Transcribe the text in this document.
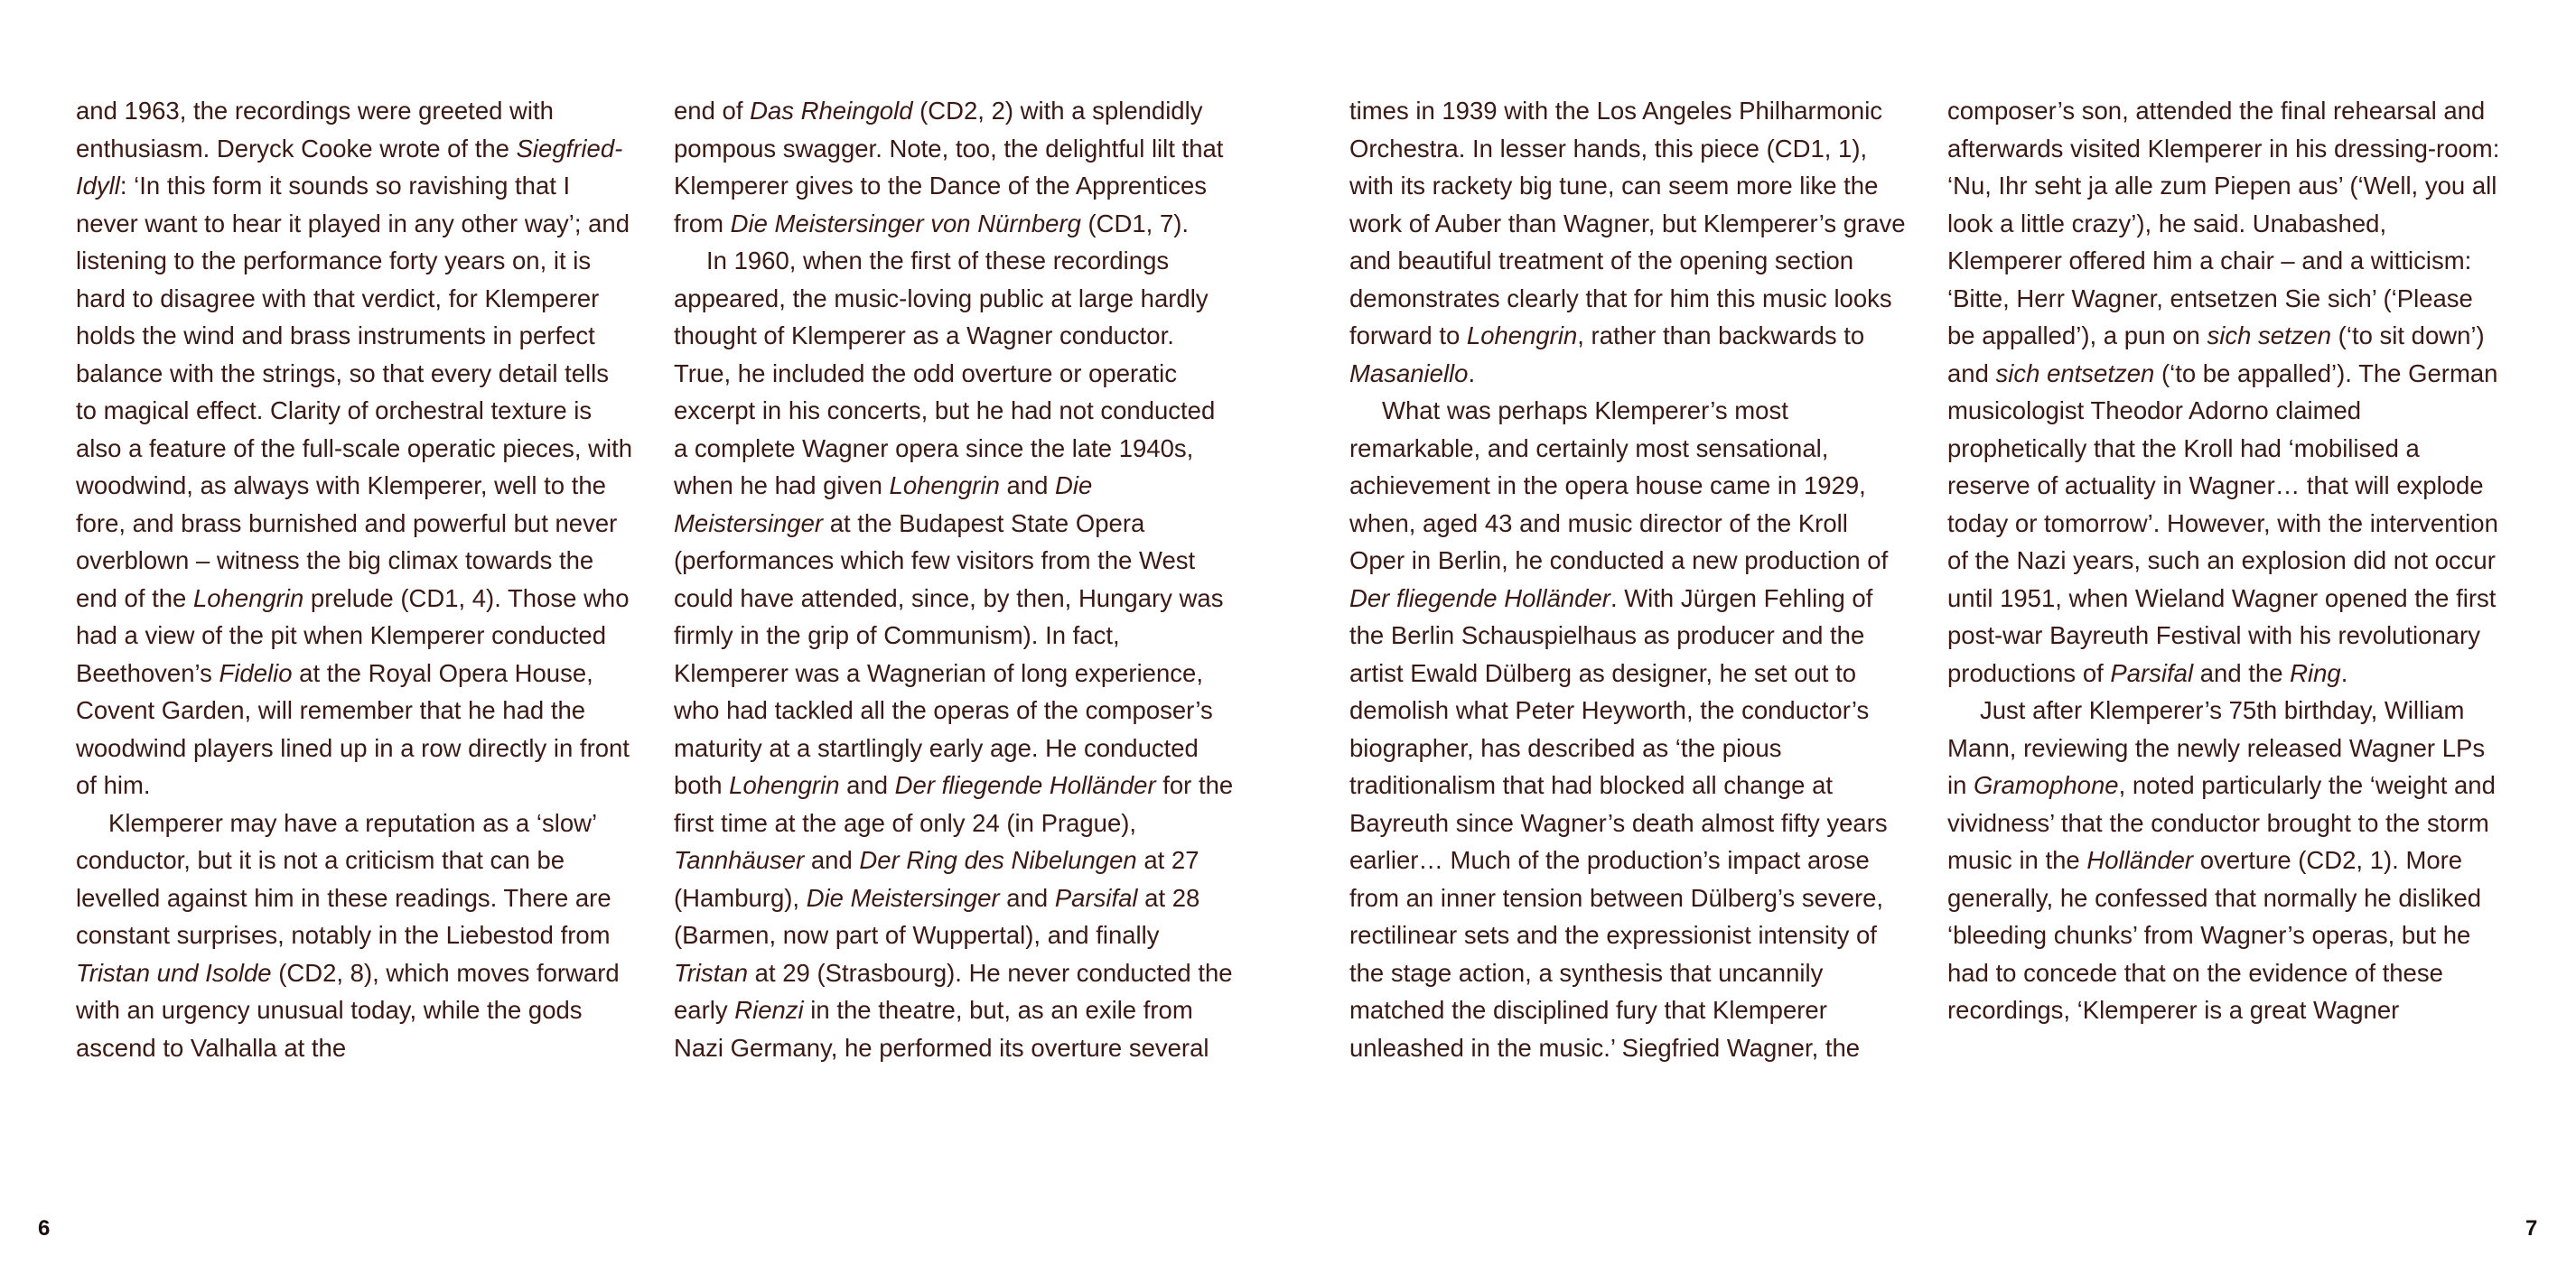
and 1963, the recordings were greeted with enthusiasm. Deryck Cooke wrote of the Siegfried-Idyll: ‘In this form it sounds so ravishing that I never want to hear it played in any other way’; and listening to the performance forty years on, it is hard to disagree with that verdict, for Klemperer holds the wind and brass instruments in perfect balance with the strings, so that every detail tells to magical effect. Clarity of orchestral texture is also a feature of the full-scale operatic pieces, with woodwind, as always with Klemperer, well to the fore, and brass burnished and powerful but never overblown – witness the big climax towards the end of the Lohengrin prelude (CD1, 4). Those who had a view of the pit when Klemperer conducted Beethoven’s Fidelio at the Royal Opera House, Covent Garden, will remember that he had the woodwind players lined up in a row directly in front of him.

Klemperer may have a reputation as a ‘slow’ conductor, but it is not a criticism that can be levelled against him in these readings. There are constant surprises, notably in the Liebestod from Tristan und Isolde (CD2, 8), which moves forward with an urgency unusual today, while the gods ascend to Valhalla at the

end of Das Rheingold (CD2, 2) with a splendidly pompous swagger. Note, too, the delightful lilt that Klemperer gives to the Dance of the Apprentices from Die Meistersinger von Nürnberg (CD1, 7).

In 1960, when the first of these recordings appeared, the music-loving public at large hardly thought of Klemperer as a Wagner conductor. True, he included the odd overture or operatic excerpt in his concerts, but he had not conducted a complete Wagner opera since the late 1940s, when he had given Lohengrin and Die Meistersinger at the Budapest State Opera (performances which few visitors from the West could have attended, since, by then, Hungary was firmly in the grip of Communism). In fact, Klemperer was a Wagnerian of long experience, who had tackled all the operas of the composer’s maturity at a startlingly early age. He conducted both Lohengrin and Der fliegende Holländer for the first time at the age of only 24 (in Prague), Tannhäuser and Der Ring des Nibelungen at 27 (Hamburg), Die Meistersinger and Parsifal at 28 (Barmen, now part of Wuppertal), and finally Tristan at 29 (Strasbourg). He never conducted the early Rienzi in the theatre, but, as an exile from Nazi Germany, he performed its overture several

times in 1939 with the Los Angeles Philharmonic Orchestra. In lesser hands, this piece (CD1, 1), with its rackety big tune, can seem more like the work of Auber than Wagner, but Klemperer’s grave and beautiful treatment of the opening section demonstrates clearly that for him this music looks forward to Lohengrin, rather than backwards to Masaniello.

What was perhaps Klemperer’s most remarkable, and certainly most sensational, achievement in the opera house came in 1929, when, aged 43 and music director of the Kroll Oper in Berlin, he conducted a new production of Der fliegende Holländer. With Jürgen Fehling of the Berlin Schauspielhaus as producer and the artist Ewald Dülberg as designer, he set out to demolish what Peter Heyworth, the conductor’s biographer, has described as ‘the pious traditionalism that had blocked all change at Bayreuth since Wagner’s death almost fifty years earlier… Much of the production’s impact arose from an inner tension between Dülberg’s severe, rectilinear sets and the expressionist intensity of the stage action, a synthesis that uncannily matched the disciplined fury that Klemperer unleashed in the music.’ Siegfried Wagner, the

composer’s son, attended the final rehearsal and afterwards visited Klemperer in his dressing-room: ‘Nu, Ihr seht ja alle zum Piepen aus’ (‘Well, you all look a little crazy’), he said. Unabashed, Klemperer offered him a chair – and a witticism: ‘Bitte, Herr Wagner, entsetzen Sie sich’ (‘Please be appalled’), a pun on sich setzen (‘to sit down’) and sich entsetzen (‘to be appalled’). The German musicologist Theodor Adorno claimed prophetically that the Kroll had ‘mobilised a reserve of actuality in Wagner… that will explode today or tomorrow’. However, with the intervention of the Nazi years, such an explosion did not occur until 1951, when Wieland Wagner opened the first post-war Bayreuth Festival with his revolutionary productions of Parsifal and the Ring.

Just after Klemperer’s 75th birthday, William Mann, reviewing the newly released Wagner LPs in Gramophone, noted particularly the ‘weight and vividness’ that the conductor brought to the storm music in the Holländer overture (CD2, 1). More generally, he confessed that normally he disliked ‘bleeding chunks’ from Wagner’s operas, but he had to concede that on the evidence of these recordings, ‘Klemperer is a great Wagner

6	7
